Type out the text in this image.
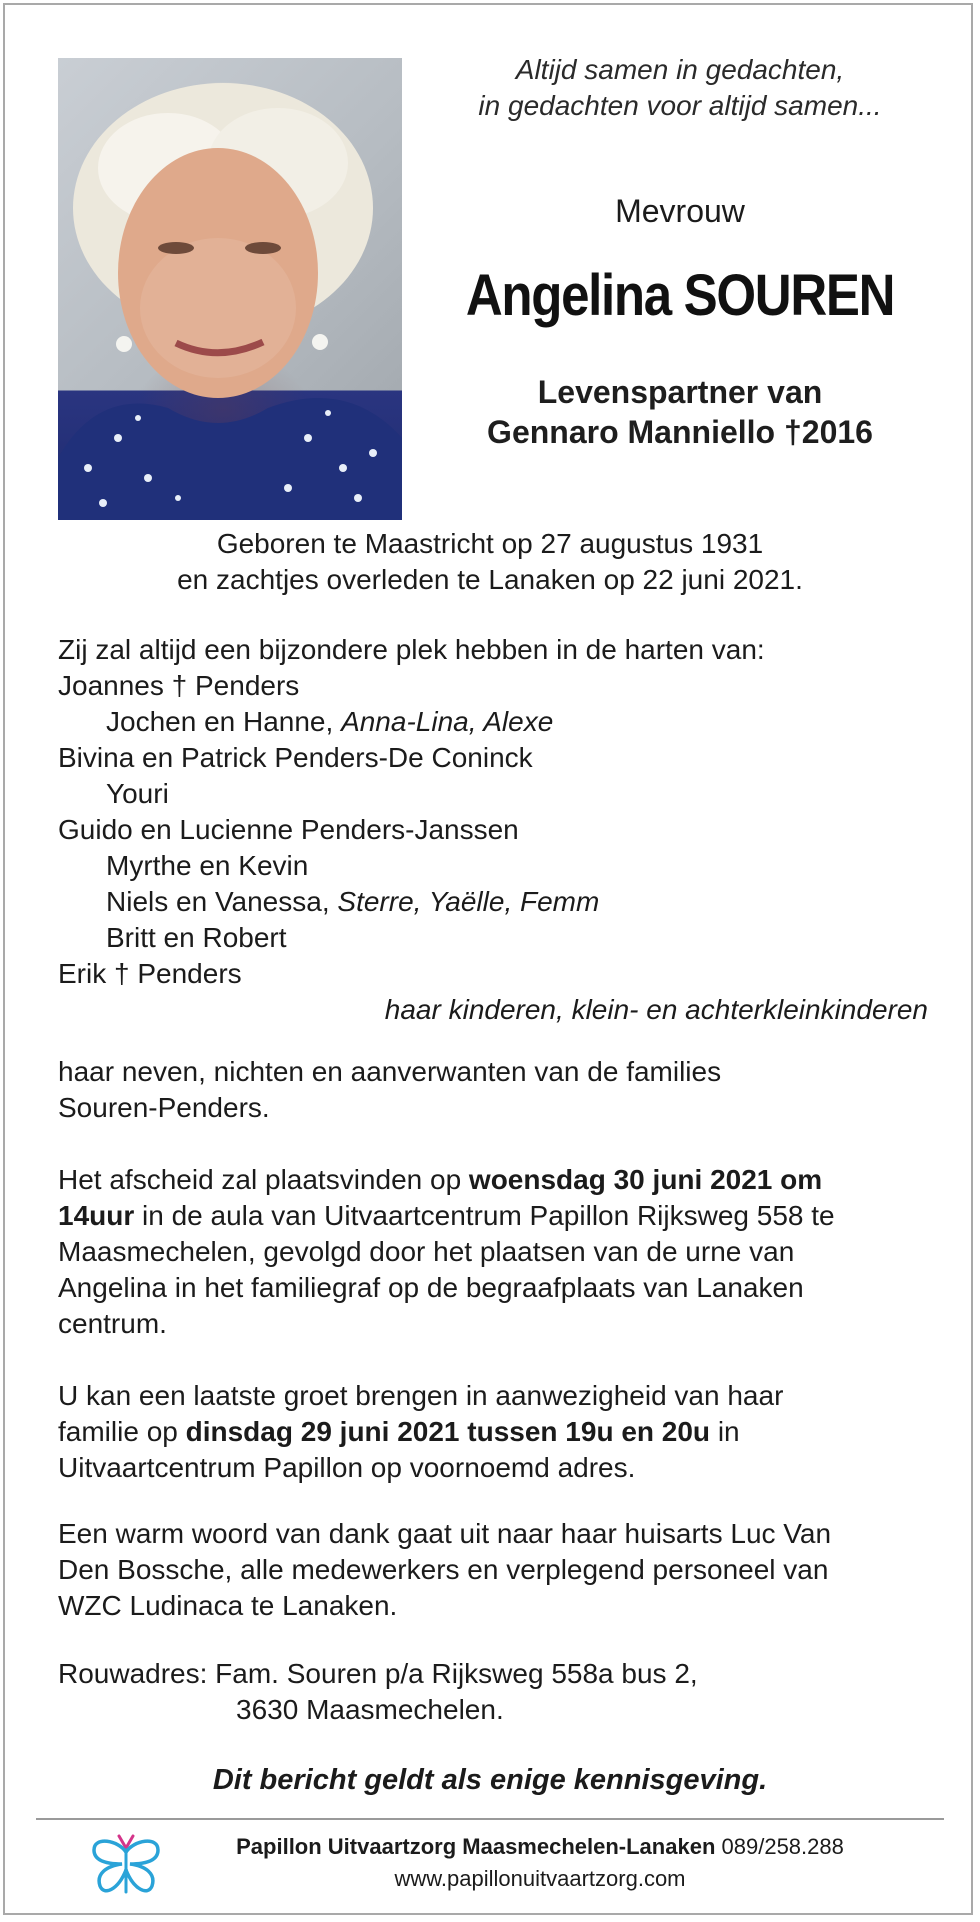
Altijd samen in gedachten,
in gedachten voor altijd samen...
Mevrouw
Angelina SOUREN
Levenspartner van
Gennaro Manniello †2016
Geboren te Maastricht op 27 augustus 1931
en zachtjes overleden te Lanaken op 22 juni 2021.
Zij zal altijd een bijzondere plek hebben in de harten van:
Joannes † Penders
Jochen en Hanne, Anna-Lina, Alexe
Bivina en Patrick Penders-De Coninck
Youri
Guido en Lucienne Penders-Janssen
Myrthe en Kevin
Niels en Vanessa, Sterre, Yaëlle, Femm
Britt en Robert
Erik † Penders
haar kinderen, klein- en achterkleinkinderen
haar neven, nichten en aanverwanten van de families
Souren-Penders.
Het afscheid zal plaatsvinden op woensdag 30 juni 2021 om
14uur in de aula van Uitvaartcentrum Papillon Rijksweg 558 te
Maasmechelen, gevolgd door het plaatsen van de urne van
Angelina in het familiegraf op de begraafplaats van Lanaken
centrum.
U kan een laatste groet brengen in aanwezigheid van haar
familie op dinsdag 29 juni 2021 tussen 19u en 20u in
Uitvaartcentrum Papillon op voornoemd adres.
Een warm woord van dank gaat uit naar haar huisarts Luc Van
Den Bossche, alle medewerkers en verplegend personeel van
WZC Ludinaca te Lanaken.
Rouwadres: Fam. Souren p/a Rijksweg 558a bus 2,
3630 Maasmechelen.
Dit bericht geldt als enige kennisgeving.
Papillon Uitvaartzorg Maasmechelen-Lanaken 089/258.288
www.papillonuitvaartzorg.com
